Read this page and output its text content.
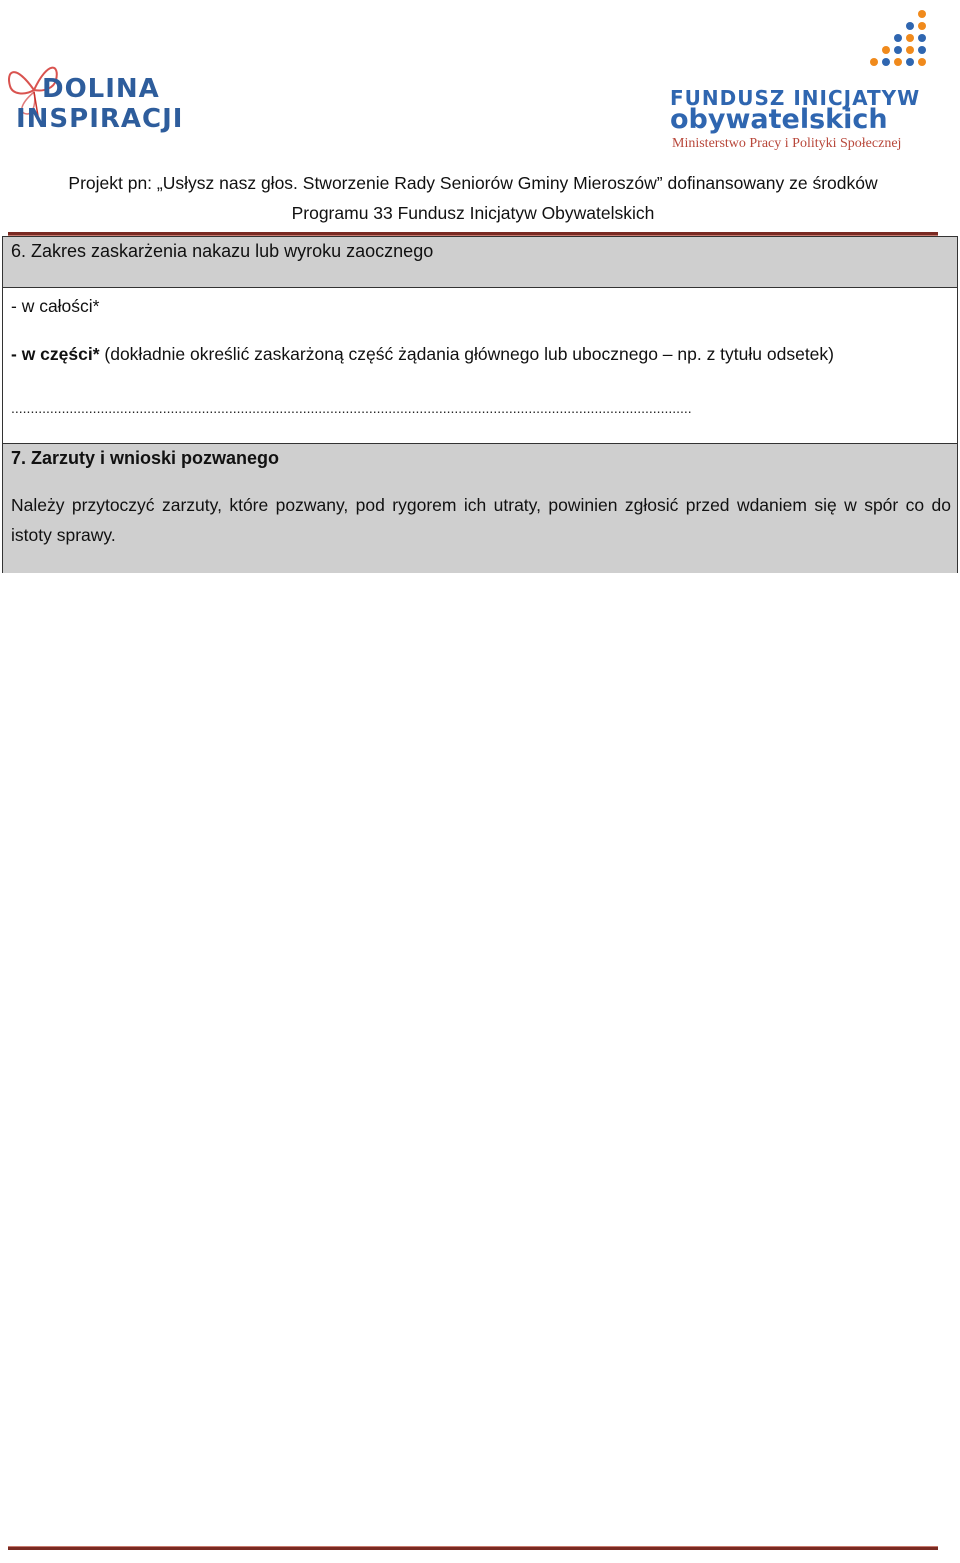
DOLINA
INSPIRACJI
FUNDUSZ INICJATYW
obywatelskich
Ministerstwo Pracy i Polityki Społecznej
Projekt pn: „Usłysz nasz głos. Stworzenie Rady Seniorów Gminy Mieroszów” dofinansowany ze środków
Programu 33 Fundusz Inicjatyw Obywatelskich
6. Zakres zaskarżenia nakazu lub wyroku zaocznego
- w całości*
- w części* (dokładnie określić zaskarżoną część żądania głównego lub ubocznego – np. z tytułu odsetek)
...............................................................................................................................................................................
7. Zarzuty i wnioski pozwanego
Należy przytoczyć zarzuty, które pozwany, pod rygorem ich utraty, powinien zgłosić przed wdaniem się w spór co do istoty sprawy.
